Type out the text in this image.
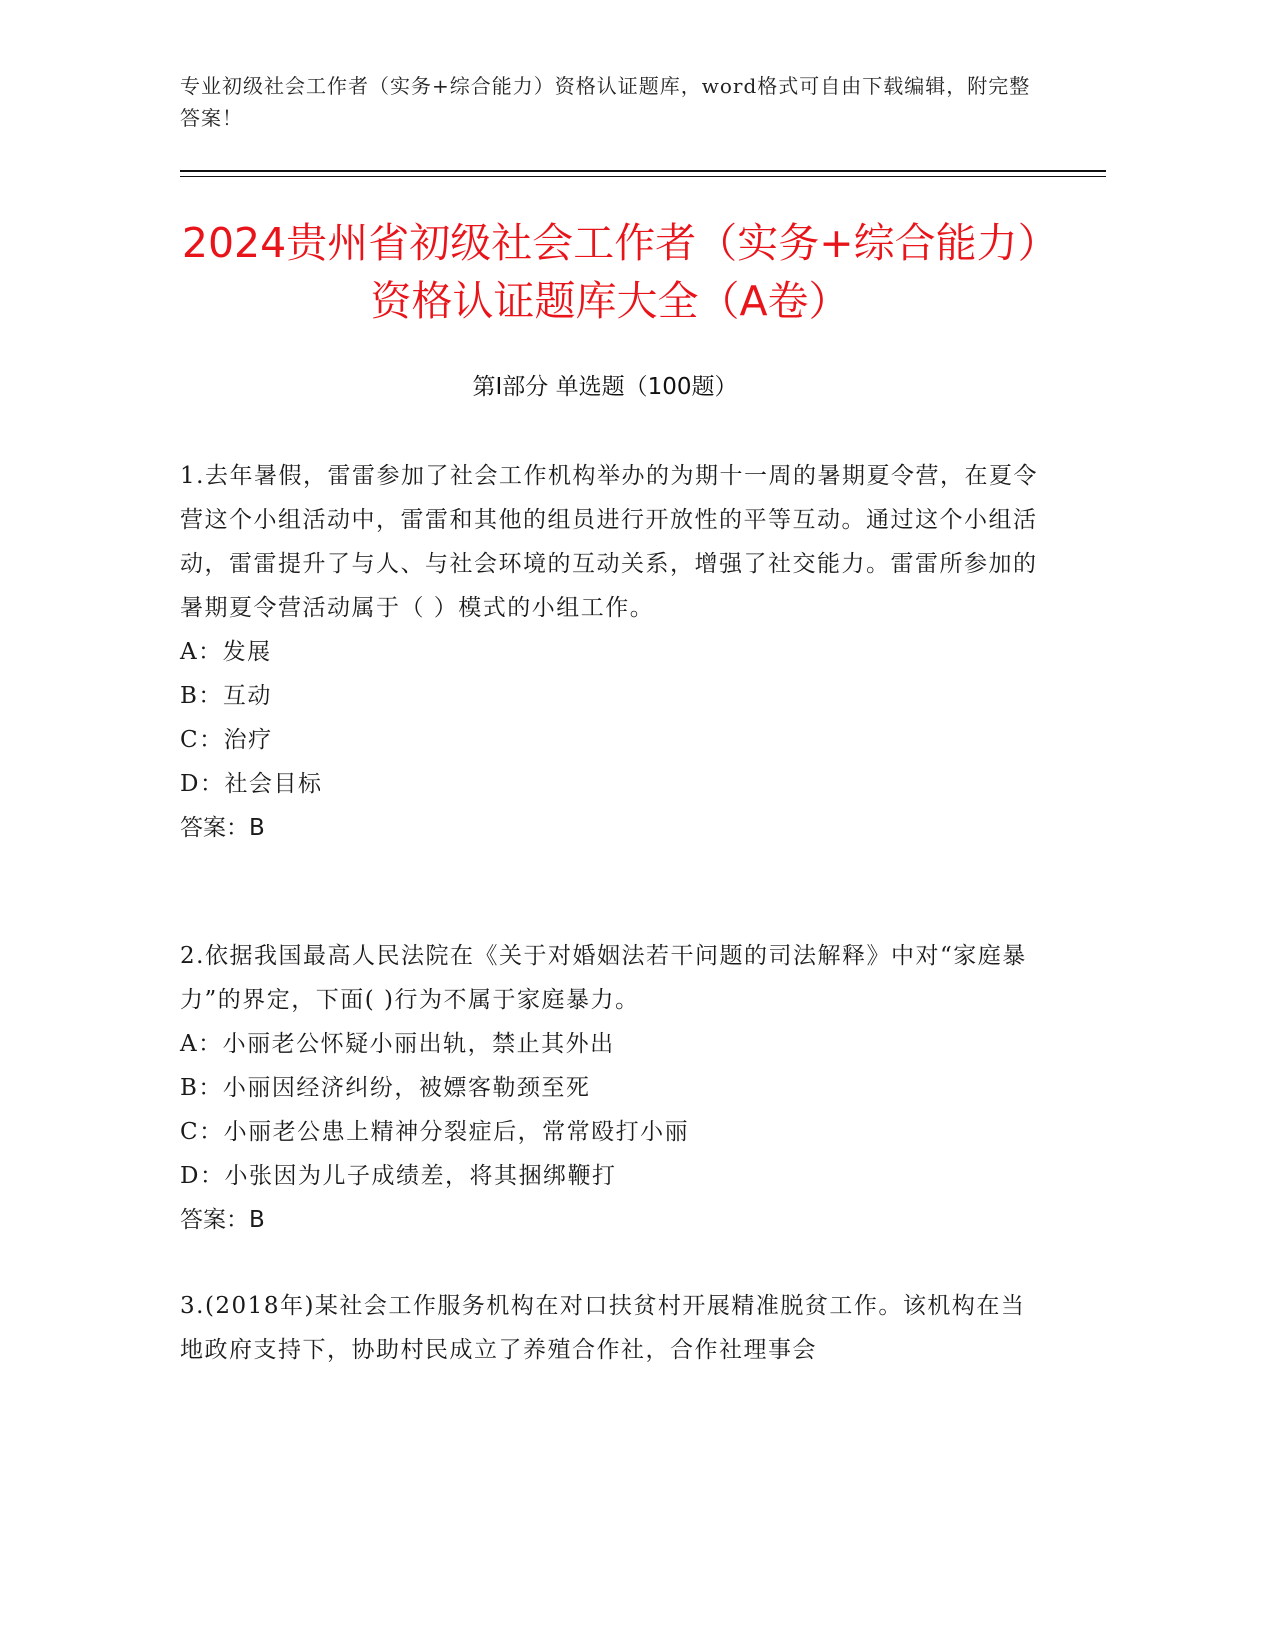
专业初级社会工作者（实务+综合能力）资格认证题库，word格式可自由下载编辑，附完整答案！
2024贵州省初级社会工作者（实务+综合能力）资格认证题库大全（A卷）
第I部分 单选题（100题）

1.去年暑假，雷雷参加了社会工作机构举办的为期十一周的暑期夏令营，在夏令营这个小组活动中，雷雷和其他的组员进行开放性的平等互动。通过这个小组活动，雷雷提升了与人、与社会环境的互动关系，增强了社交能力。雷雷所参加的暑期夏令营活动属于（ ）模式的小组工作。

A：发展

B：互动

C：治疗

D：社会目标

答案：B

2.依据我国最高人民法院在《关于对婚姻法若干问题的司法解释》中对“家庭暴力”的界定，下面( )行为不属于家庭暴力。

A：小丽老公怀疑小丽出轨，禁止其外出

B：小丽因经济纠纷，被嫖客勒颈至死

C：小丽老公患上精神分裂症后，常常殴打小丽

D：小张因为儿子成绩差，将其捆绑鞭打

答案：B

3.(2018年)某社会工作服务机构在对口扶贫村开展精准脱贫工作。该机构在当地政府支持下，协助村民成立了养殖合作社，合作社理事会
